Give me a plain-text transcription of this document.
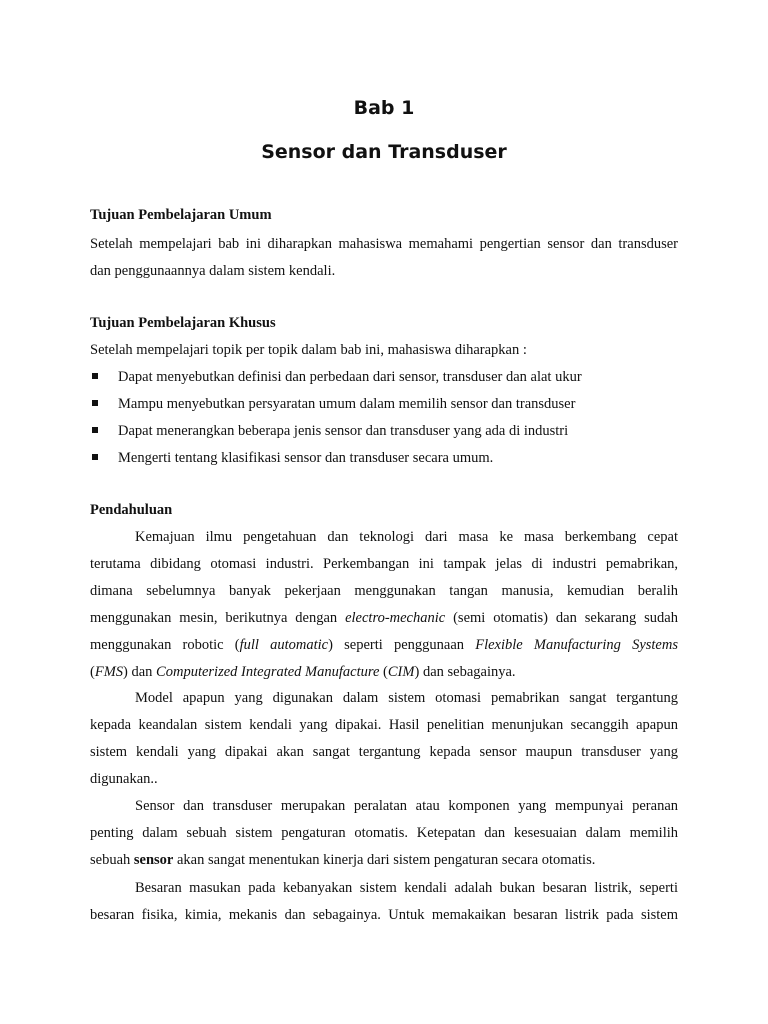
Bab 1
Sensor dan Transduser

Tujuan Pembelajaran Umum

Setelah mempelajari bab ini diharapkan mahasiswa memahami pengertian sensor dan transduser

dan penggunaannya dalam sistem kendali.

Tujuan Pembelajaran Khusus

Setelah mempelajari topik per topik dalam bab ini, mahasiswa diharapkan :

Dapat menyebutkan definisi dan perbedaan dari sensor, transduser dan alat ukur

Mampu menyebutkan persyaratan umum dalam memilih sensor dan transduser

Dapat menerangkan beberapa jenis sensor dan transduser yang ada di industri

Mengerti tentang klasifikasi sensor dan transduser secara umum.

Pendahuluan

Kemajuan ilmu pengetahuan dan teknologi dari masa ke masa berkembang cepat

terutama dibidang otomasi industri. Perkembangan ini tampak jelas di industri pemabrikan,

dimana sebelumnya banyak pekerjaan menggunakan tangan manusia, kemudian beralih

menggunakan mesin, berikutnya dengan electro-mechanic (semi otomatis) dan sekarang sudah

menggunakan robotic (full automatic) seperti penggunaan Flexible Manufacturing Systems

(FMS) dan Computerized Integrated Manufacture (CIM) dan sebagainya.

Model apapun yang digunakan dalam sistem otomasi pemabrikan sangat tergantung

kepada keandalan sistem kendali yang dipakai. Hasil penelitian menunjukan secanggih apapun

sistem kendali yang dipakai akan sangat tergantung kepada sensor maupun transduser yang

digunakan..

Sensor dan transduser merupakan peralatan atau komponen yang mempunyai peranan

penting dalam sebuah sistem pengaturan otomatis. Ketepatan dan kesesuaian dalam memilih

sebuah sensor akan sangat menentukan kinerja dari sistem pengaturan secara otomatis.

Besaran masukan pada kebanyakan sistem kendali adalah bukan besaran listrik, seperti

besaran fisika, kimia, mekanis dan sebagainya. Untuk memakaikan besaran listrik pada sistem
